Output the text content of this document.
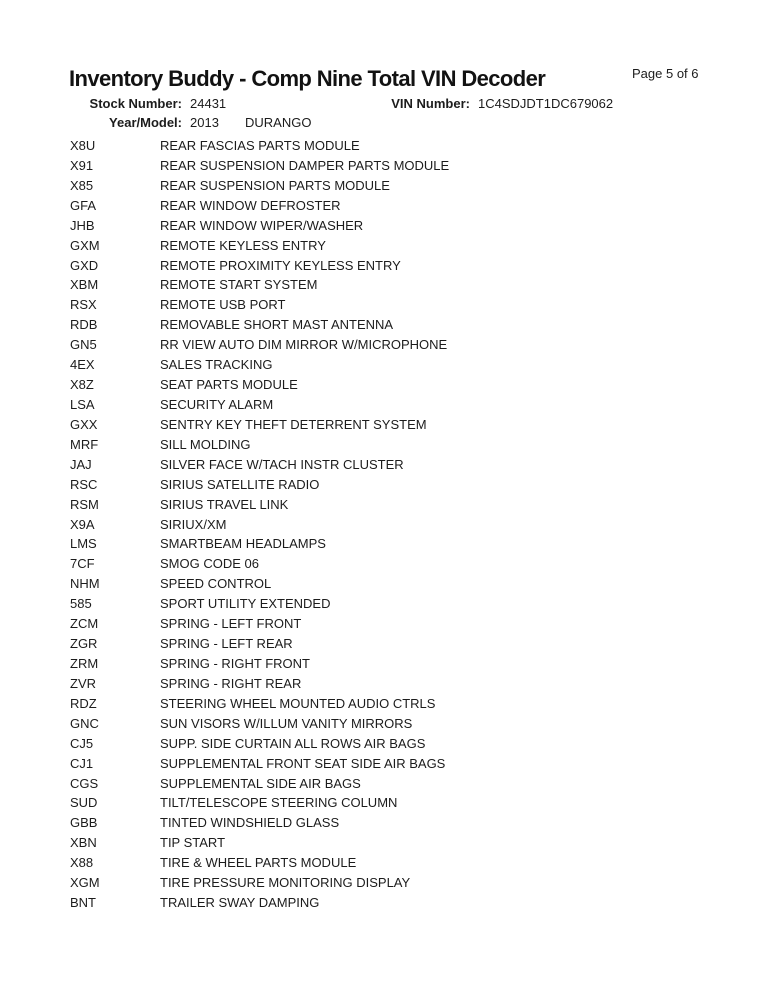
Inventory Buddy - Comp Nine Total VIN Decoder	Page 5 of 6
Stock Number: 24431	VIN Number: 1C4SDJDT1DC679062
Year/Model: 2013 DURANGO
X8U	REAR FASCIAS PARTS MODULE
X91	REAR SUSPENSION DAMPER PARTS MODULE
X85	REAR SUSPENSION PARTS MODULE
GFA	REAR WINDOW DEFROSTER
JHB	REAR WINDOW WIPER/WASHER
GXM	REMOTE KEYLESS ENTRY
GXD	REMOTE PROXIMITY KEYLESS ENTRY
XBM	REMOTE START SYSTEM
RSX	REMOTE USB PORT
RDB	REMOVABLE SHORT MAST ANTENNA
GN5	RR VIEW AUTO DIM MIRROR W/MICROPHONE
4EX	SALES TRACKING
X8Z	SEAT PARTS MODULE
LSA	SECURITY ALARM
GXX	SENTRY KEY THEFT DETERRENT SYSTEM
MRF	SILL MOLDING
JAJ	SILVER FACE W/TACH INSTR CLUSTER
RSC	SIRIUS SATELLITE RADIO
RSM	SIRIUS TRAVEL LINK
X9A	SIRIUX/XM
LMS	SMARTBEAM HEADLAMPS
7CF	SMOG CODE 06
NHM	SPEED CONTROL
585	SPORT UTILITY EXTENDED
ZCM	SPRING - LEFT FRONT
ZGR	SPRING - LEFT REAR
ZRM	SPRING - RIGHT FRONT
ZVR	SPRING - RIGHT REAR
RDZ	STEERING WHEEL MOUNTED AUDIO CTRLS
GNC	SUN VISORS W/ILLUM VANITY MIRRORS
CJ5	SUPP. SIDE CURTAIN ALL ROWS AIR BAGS
CJ1	SUPPLEMENTAL FRONT SEAT SIDE AIR BAGS
CGS	SUPPLEMENTAL SIDE AIR BAGS
SUD	TILT/TELESCOPE STEERING COLUMN
GBB	TINTED WINDSHIELD GLASS
XBN	TIP START
X88	TIRE & WHEEL PARTS MODULE
XGM	TIRE PRESSURE MONITORING DISPLAY
BNT	TRAILER SWAY DAMPING
